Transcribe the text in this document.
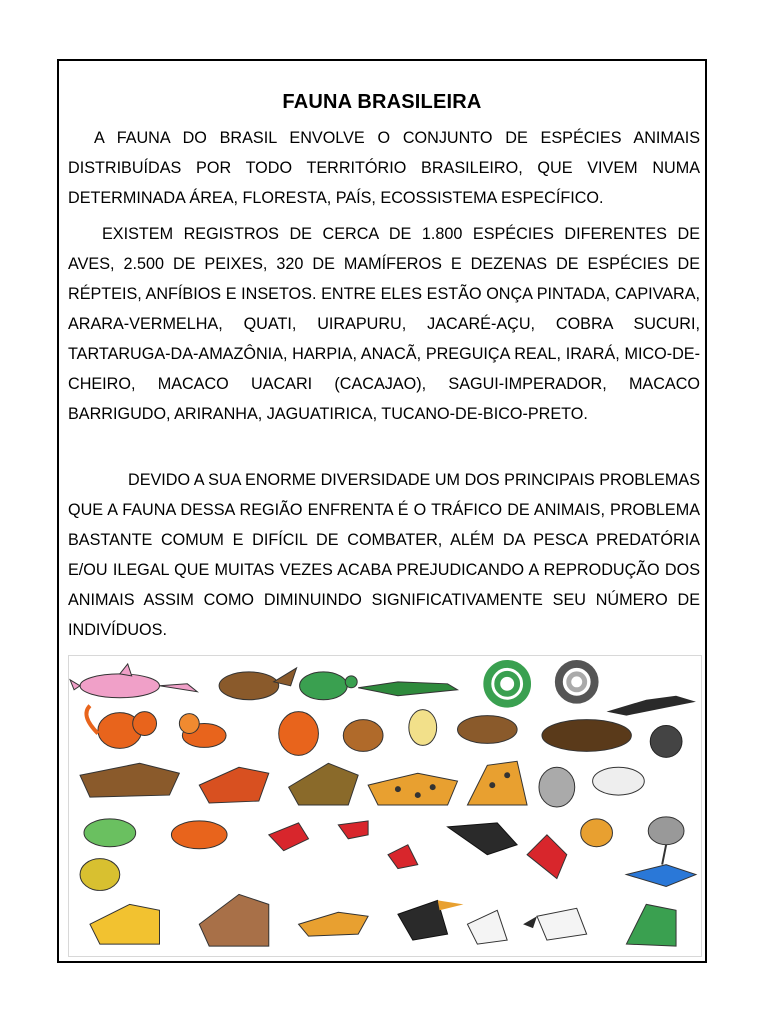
FAUNA BRASILEIRA

A FAUNA DO BRASIL ENVOLVE O CONJUNTO DE ESPÉCIES ANIMAIS DISTRIBUÍDAS POR TODO TERRITÓRIO BRASILEIRO, QUE VIVEM NUMA DETERMINADA ÁREA, FLORESTA, PAÍS, ECOSSISTEMA ESPECÍFICO.

EXISTEM REGISTROS DE CERCA DE 1.800 ESPÉCIES DIFERENTES DE AVES, 2.500 DE PEIXES, 320 DE MAMÍFEROS E DEZENAS DE ESPÉCIES DE RÉPTEIS, ANFÍBIOS E INSETOS. ENTRE ELES ESTÃO ONÇA PINTADA, CAPIVARA, ARARA-VERMELHA, QUATI, UIRAPURU, JACARÉ-AÇU, COBRA SUCURI, TARTARUGA-DA-AMAZÔNIA, HARPIA, ANACÃ, PREGUIÇA REAL, IRARÁ, MICO-DE-CHEIRO, MACACO UACARI (CACAJAO), SAGUI-IMPERADOR, MACACO BARRIGUDO, ARIRANHA, JAGUATIRICA, TUCANO-DE-BICO-PRETO.

DEVIDO A SUA ENORME DIVERSIDADE UM DOS PRINCIPAIS PROBLEMAS QUE A FAUNA DESSA REGIÃO ENFRENTA É O TRÁFICO DE ANIMAIS, PROBLEMA BASTANTE COMUM E DIFÍCIL DE COMBATER, ALÉM DA PESCA PREDATÓRIA E/OU ILEGAL QUE MUITAS VEZES ACABA PREJUDICANDO A REPRODUÇÃO DOS ANIMAIS ASSIM COMO DIMINUINDO SIGNIFICATIVAMENTE SEU NÚMERO DE INDIVÍDUOS.
